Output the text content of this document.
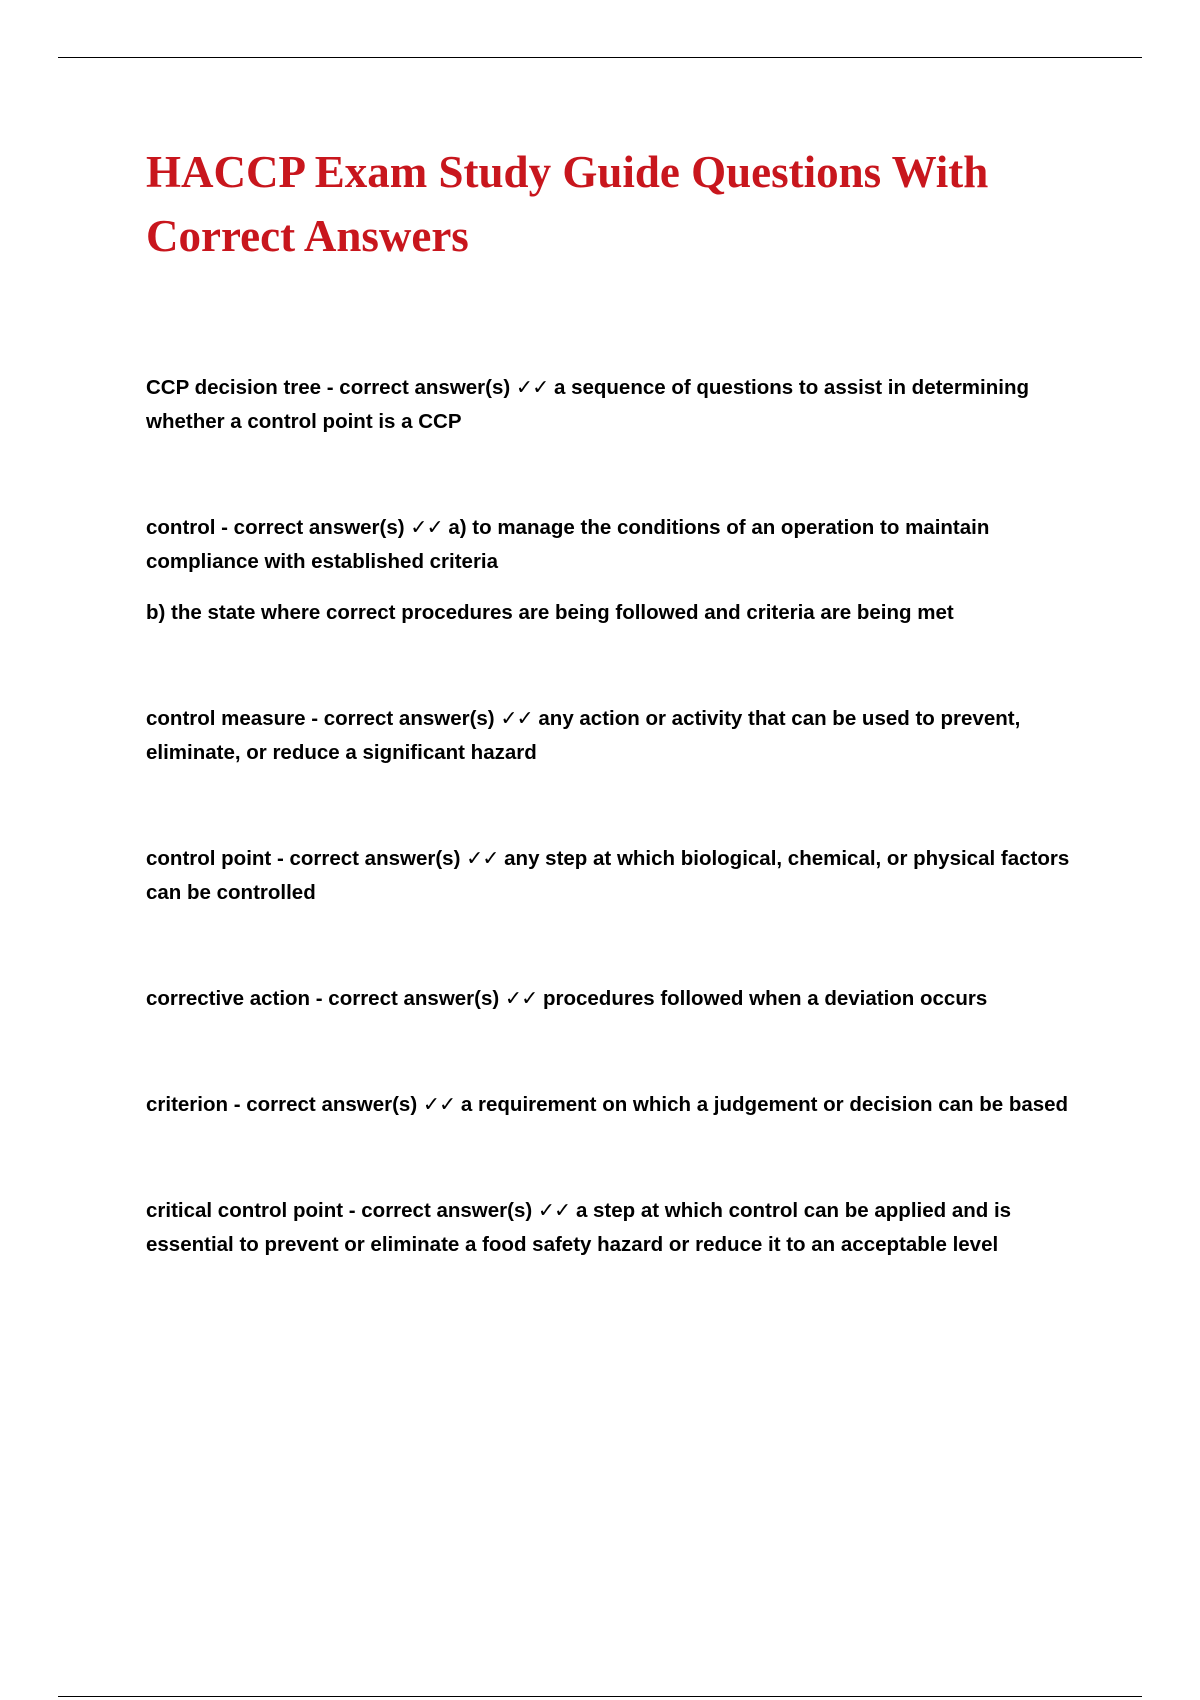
HACCP Exam Study Guide Questions With Correct Answers

CCP decision tree - correct answer(s) ✓✓ a sequence of questions to assist in determining whether a control point is a CCP

control - correct answer(s) ✓✓ a) to manage the conditions of an operation to maintain compliance with established criteria

b) the state where correct procedures are being followed and criteria are being met

control measure - correct answer(s) ✓✓ any action or activity that can be used to prevent, eliminate, or reduce a significant hazard

control point - correct answer(s) ✓✓ any step at which biological, chemical, or physical factors can be controlled

corrective action - correct answer(s) ✓✓ procedures followed when a deviation occurs

criterion - correct answer(s) ✓✓ a requirement on which a judgement or decision can be based

critical control point - correct answer(s) ✓✓ a step at which control can be applied and is essential to prevent or eliminate a food safety hazard or reduce it to an acceptable level
